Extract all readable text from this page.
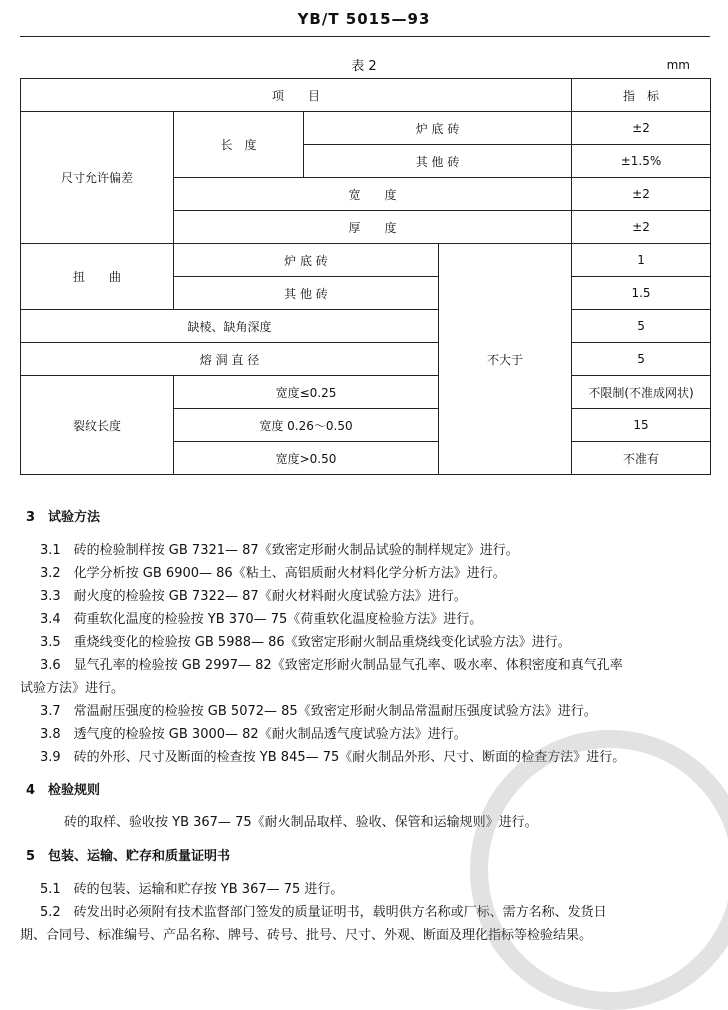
YB/T 5015—93
表 2	mm
项　　目				指　标
尺寸允许偏差	长　度	炉 底 砖		±2
		其 他 砖		±1.5%
	宽　　度			±2
	厚　　度			±2
扭　　曲	炉 底 砖		不大于	1
	其 他 砖			1.5
缺棱、缺角深度				5
熔 洞 直 径				5
裂纹长度	宽度≤0.25			不限制(不准成网状)
	宽度 0.26～0.50			15
	宽度>0.50			不准有
3　试验方法
3.1　砖的检验制样按 GB 7321— 87《致密定形耐火制品试验的制样规定》进行。
3.2　化学分析按 GB 6900— 86《粘土、高铝质耐火材料化学分析方法》进行。
3.3　耐火度的检验按 GB 7322— 87《耐火材料耐火度试验方法》进行。
3.4　荷重软化温度的检验按 YB 370— 75《荷重软化温度检验方法》进行。
3.5　重烧线变化的检验按 GB 5988— 86《致密定形耐火制品重烧线变化试验方法》进行。
3.6　显气孔率的检验按 GB 2997— 82《致密定形耐火制品显气孔率、吸水率、体积密度和真气孔率
试验方法》进行。
3.7　常温耐压强度的检验按 GB 5072— 85《致密定形耐火制品常温耐压强度试验方法》进行。
3.8　透气度的检验按 GB 3000— 82《耐火制品透气度试验方法》进行。
3.9　砖的外形、尺寸及断面的检查按 YB 845— 75《耐火制品外形、尺寸、断面的检查方法》进行。
4　检验规则
砖的取样、验收按 YB 367— 75《耐火制品取样、验收、保管和运输规则》进行。
5　包装、运输、贮存和质量证明书
5.1　砖的包装、运输和贮存按 YB 367— 75 进行。
5.2　砖发出时必须附有技术监督部门签发的质量证明书，载明供方名称或厂标、需方名称、发货日
期、合同号、标准编号、产品名称、牌号、砖号、批号、尺寸、外观、断面及理化指标等检验结果。
